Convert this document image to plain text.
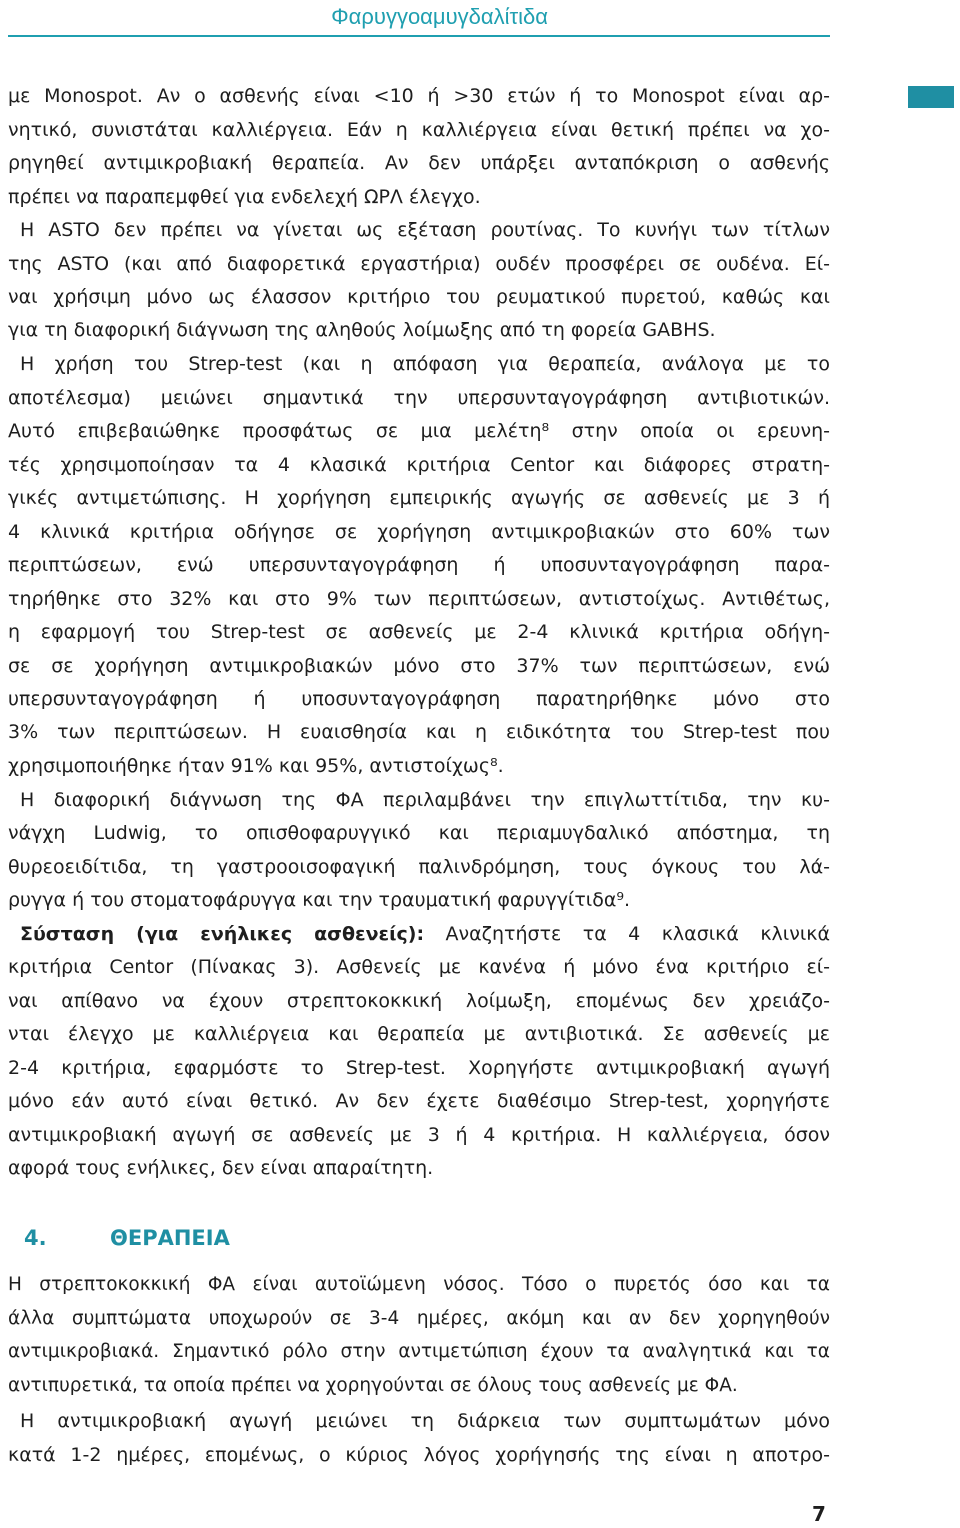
Φαρυγγοαμυγδαλίτιδα
με Monospot. Αν ο ασθενής είναι <10 ή >30 ετών ή το Monospot είναι αρ-
νητικό, συνιστάται καλλιέργεια. Εάν η καλλιέργεια είναι θετική πρέπει να χο-
ρηγηθεί αντιμικροβιακή θεραπεία. Αν δεν υπάρξει ανταπόκριση ο ασθενής
πρέπει να παραπεμφθεί για ενδελεχή ΩΡΛ έλεγχο.
Η ASTO δεν πρέπει να γίνεται ως εξέταση ρουτίνας. Το κυνήγι των τίτλων
της ASTO (και από διαφορετικά εργαστήρια) ουδέν προσφέρει σε ουδένα. Εί-
ναι χρήσιμη μόνο ως έλασσον κριτήριο του ρευματικού πυρετού, καθώς και
για τη διαφορική διάγνωση της αληθούς λοίμωξης από τη φορεία GABHS.
Η χρήση του Strep-test (και η απόφαση για θεραπεία, ανάλογα με το
αποτέλεσμα) μειώνει σημαντικά την υπερσυνταγογράφηση αντιβιοτικών.
Αυτό επιβεβαιώθηκε προσφάτως σε μια μελέτη⁸ στην οποία οι ερευνη-
τές χρησιμοποίησαν τα 4 κλασικά κριτήρια Centor και διάφορες στρατη-
γικές αντιμετώπισης. Η χορήγηση εμπειρικής αγωγής σε ασθενείς με 3 ή
4 κλινικά κριτήρια οδήγησε σε χορήγηση αντιμικροβιακών στο 60% των
περιπτώσεων, ενώ υπερσυνταγογράφηση ή υποσυνταγογράφηση παρα-
τηρήθηκε στο 32% και στο 9% των περιπτώσεων, αντιστοίχως. Αντιθέτως,
η εφαρμογή του Strep-test σε ασθενείς με 2-4 κλινικά κριτήρια οδήγη-
σε σε χορήγηση αντιμικροβιακών μόνο στο 37% των περιπτώσεων, ενώ
υπερσυνταγογράφηση ή υποσυνταγογράφηση παρατηρήθηκε μόνο στο
3% των περιπτώσεων. Η ευαισθησία και η ειδικότητα του Strep-test που
χρησιμοποιήθηκε ήταν 91% και 95%, αντιστοίχως⁸.
Η διαφορική διάγνωση της ΦΑ περιλαμβάνει την επιγλωττίτιδα, την κυ-
νάγχη Ludwig, το οπισθοφαρυγγικό και περιαμυγδαλικό απόστημα, τη
θυρεοειδίτιδα, τη γαστροοισοφαγική παλινδρόμηση, τους όγκους του λά-
ρυγγα ή του στοματοφάρυγγα και την τραυματική φαρυγγίτιδα⁹.
Σύσταση (για ενήλικες ασθενείς): Αναζητήστε τα 4 κλασικά κλινικά
κριτήρια Centor (Πίνακας 3). Ασθενείς με κανένα ή μόνο ένα κριτήριο εί-
ναι απίθανο να έχουν στρεπτοκοκκική λοίμωξη, επομένως δεν χρειάζο-
νται έλεγχο με καλλιέργεια και θεραπεία με αντιβιοτικά. Σε ασθενείς με
2-4 κριτήρια, εφαρμόστε το Strep-test. Χορηγήστε αντιμικροβιακή αγωγή
μόνο εάν αυτό είναι θετικό. Αν δεν έχετε διαθέσιμο Strep-test, χορηγήστε
αντιμικροβιακή αγωγή σε ασθενείς με 3 ή 4 κριτήρια. Η καλλιέργεια, όσον
αφορά τους ενήλικες, δεν είναι απαραίτητη.
4.	ΘΕΡΑΠΕΙΑ
Η στρεπτοκοκκική ΦΑ είναι αυτοϊώμενη νόσος. Τόσο ο πυρετός όσο και τα
άλλα συμπτώματα υποχωρούν σε 3-4 ημέρες, ακόμη και αν δεν χορηγηθούν
αντιμικροβιακά. Σημαντικό ρόλο στην αντιμετώπιση έχουν τα αναλγητικά και τα
αντιπυρετικά, τα οποία πρέπει να χορηγούνται σε όλους τους ασθενείς με ΦΑ.
Η αντιμικροβιακή αγωγή μειώνει τη διάρκεια των συμπτωμάτων μόνο
κατά 1-2 ημέρες, επομένως, ο κύριος λόγος χορήγησής της είναι η αποτρο-
7
